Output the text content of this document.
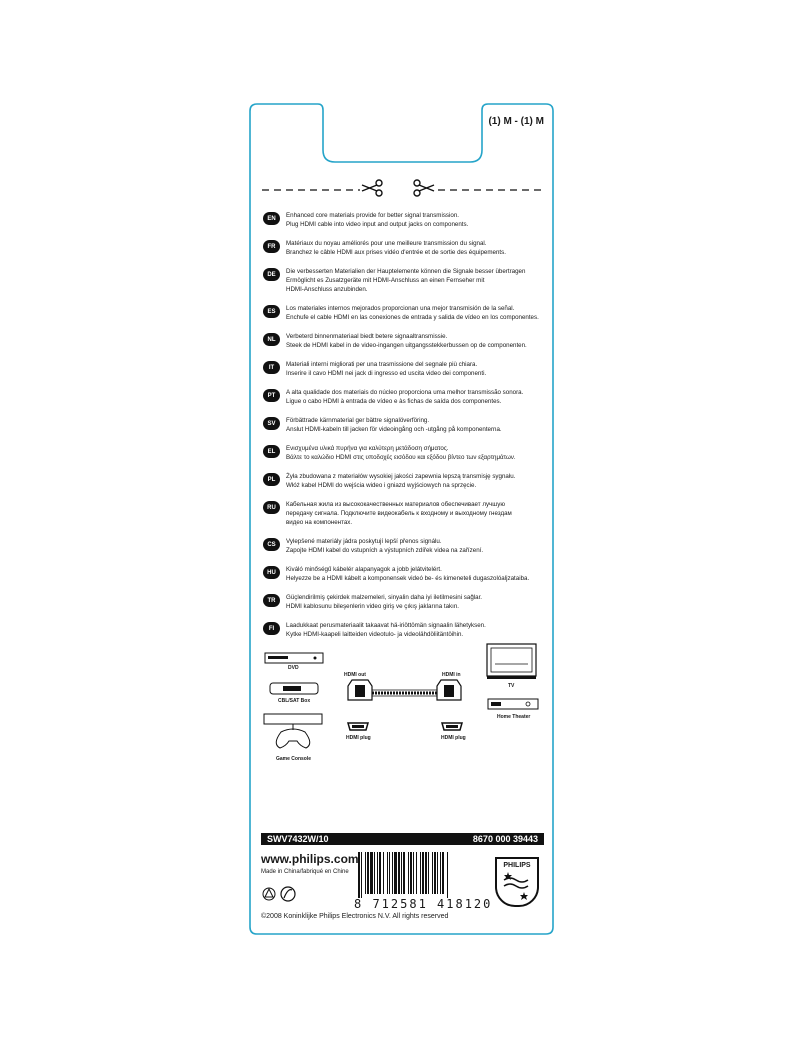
(1) M - (1) M
EN	Enhanced core materials provide for better signal transmission.
Plug HDMI cable into video input and output jacks on components.
FR	Matériaux du noyau améliorés pour une meilleure transmission du signal.
Branchez le câble HDMI aux prises vidéo d'entrée et de sortie des équipements.
DE	Die verbesserten Materialien der Hauptelemente können die Signale besser übertragen
Ermöglicht es Zusatzgeräte mit HDMI-Anschluss an einen Fernseher mit
HDMI-Anschluss anzubinden.
ES	Los materiales internos mejorados proporcionan una mejor transmisión de la señal.
Enchufe el cable HDMI en las conexiones de entrada y salida de vídeo en los componentes.
NL	Verbeterd binnenmateriaal biedt betere signaaltransmissie.
Steek de HDMI kabel in de video-ingangen uitgangsstekkerbussen op de componenten.
IT	Materiali interni migliorati per una trasmissione del segnale più chiara.
Inserire il cavo HDMI nei jack di ingresso ed uscita video dei componenti.
PT	A alta qualidade dos materiais do núcleo proporciona uma melhor transmissão sonora.
Ligue o cabo HDMI à entrada de vídeo e às fichas de saída dos componentes.
SV	Förbättrade kärnmaterial ger bättre signalöverföring.
Anslut HDMI-kabeln till jacken för videoingång och -utgång på komponenterna.
EL	Ενισχυμένα υλικά πυρήνα για καλύτερη μετάδοση σήματος.
Βάλτε το καλώδιο HDMI στις υποδοχές εισόδου και εξόδου βίντεο των εξαρτημάτων.
PL	Żyła zbudowana z materiałów wysokiej jakości zapewnia lepszą transmisję sygnału.
Włóż kabel HDMI do wejścia wideo i gniazd wyjściowych na sprzęcie.
RU	Кабельная жила из высококачественных материалов обеспечивает лучшую
передачу сигнала. Подключите видеокабель к входному и выходному гнездам
видео на компонентах.
CS	Vylepšené materiály jádra poskytují lepší přenos signálu.
Zapojte HDMI kabel do vstupních a výstupních zdířek videa na zařízení.
HU	Kiváló minőségű kábelér alapanyagok a jobb jelátvitelért.
Helyezze be a HDMI kábelt a komponensek videó be- és kimeneteli dugaszolóaljzataiba.
TR	Güçlendirilmiş çekirdek malzemeleri, sinyalin daha iyi iletilmesini sağlar.
HDMI kablosunu bileşenlerin video giriş ve çıkış jaklarına takın.
FI	Laadukkaat perusmateriaalit takaavat hä-iriöttömän signaalin lähetyksen.
Kytke HDMI-kaapeli laitteiden videotulo- ja videolähdöliitäntöihin.
DVD
CBL/SAT Box
Game Console
HDMI out	HDMI in
HDMI plug	HDMI plug
TV
Home Theater
SWV7432W/10	8670 000 39443
www.philips.com
Made in China/fabriqué en Chine
8 712581 418120
©2008 Koninklijke Philips Electronics N.V. All rights reserved
PHILIPS
